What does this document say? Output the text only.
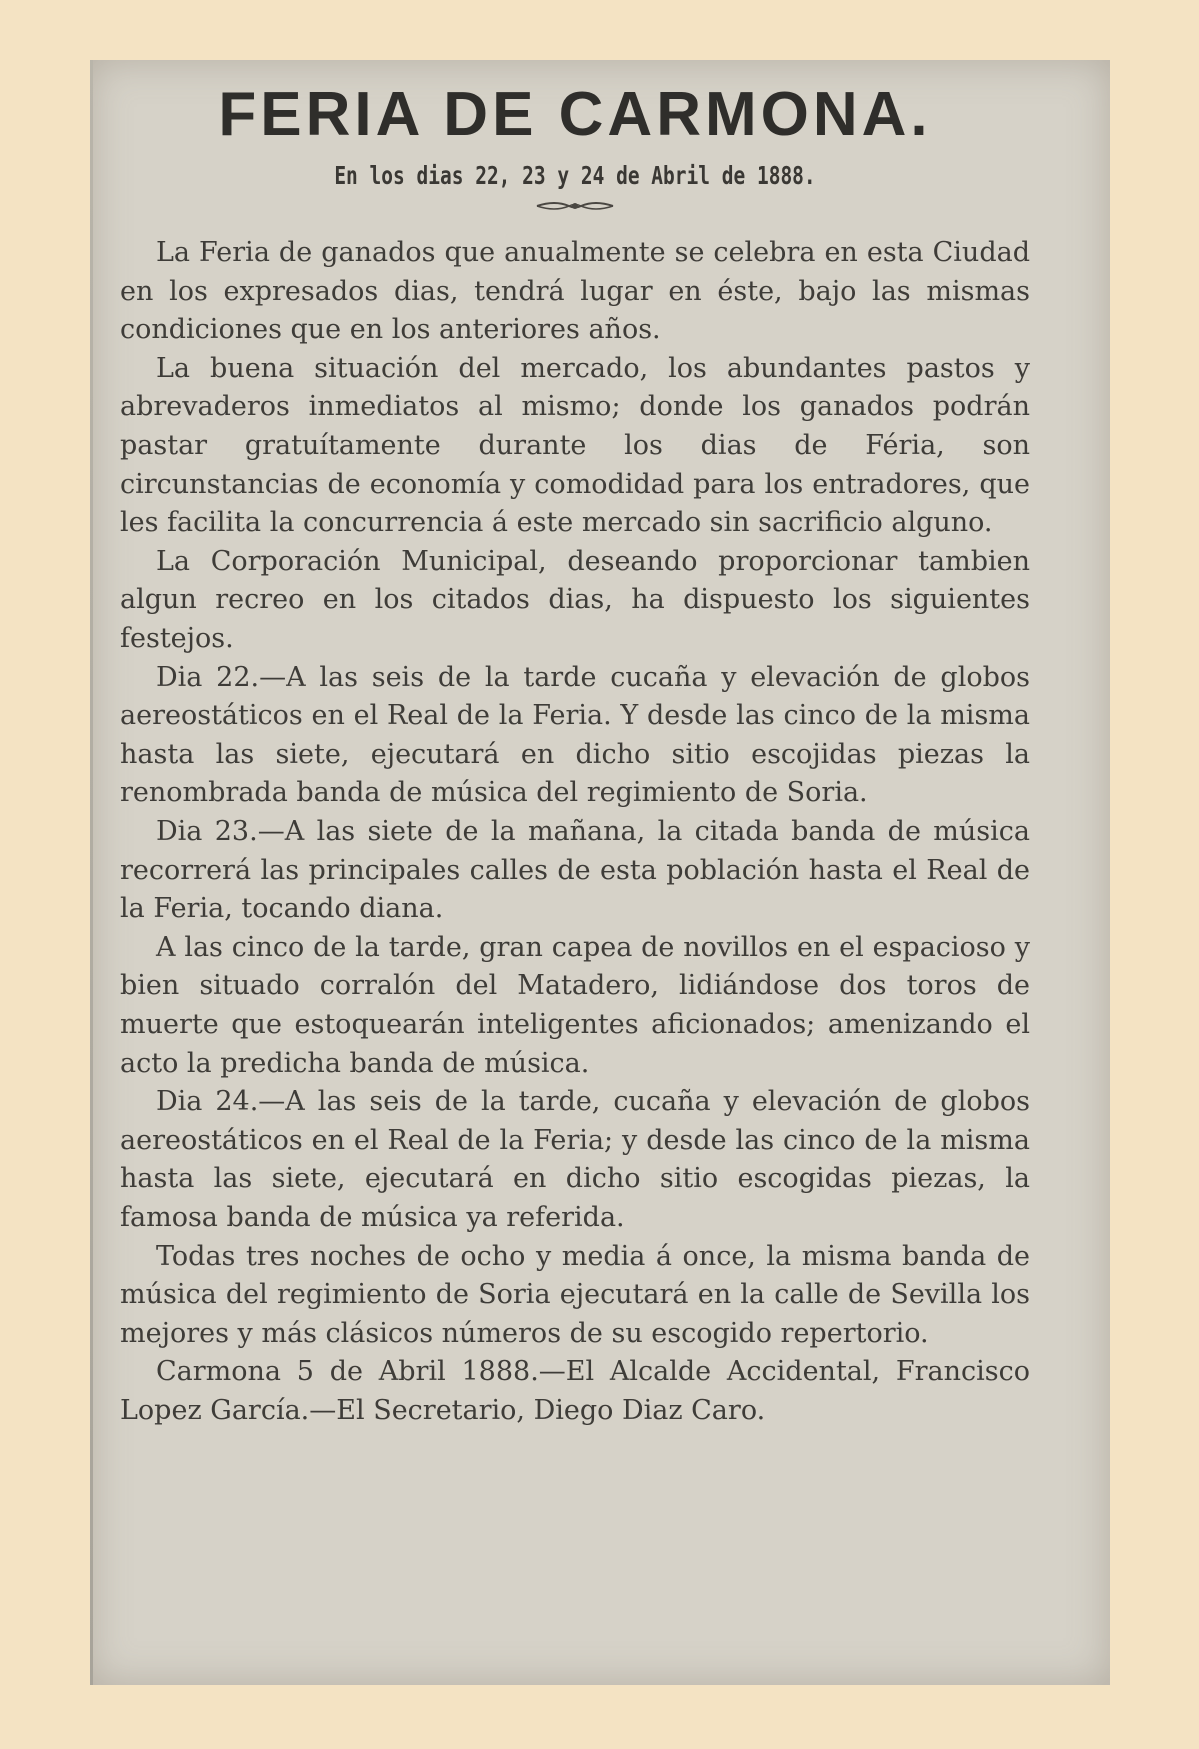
FERIA DE CARMONA.
En los dias 22, 23 y 24 de Abril de 1888.

La Feria de ganados que anualmente se celebra en esta Ciudad en los expresados dias, tendrá lugar en éste, bajo las mismas condiciones que en los anteriores años.

La buena situación del mercado, los abundantes pastos y abrevaderos inmediatos al mismo; donde los ganados podrán pastar gratuítamente durante los dias de Féria, son circunstancias de economía y comodidad para los entradores, que les facilita la concurrencia á este mercado sin sacrificio alguno.

La Corporación Municipal, deseando proporcionar tambien algun recreo en los citados dias, ha dispuesto los siguientes festejos.

Dia 22.—A las seis de la tarde cucaña y elevación de globos aereostáticos en el Real de la Feria. Y desde las cinco de la misma hasta las siete, ejecutará en dicho sitio escojidas piezas la renombrada banda de música del regimiento de Soria.

Dia 23.—A las siete de la mañana, la citada banda de música recorrerá las principales calles de esta población hasta el Real de la Feria, tocando diana.

A las cinco de la tarde, gran capea de novillos en el espacioso y bien situado corralón del Matadero, lidiándose dos toros de muerte que estoquearán inteligentes aficionados; amenizando el acto la predicha banda de música.

Dia 24.—A las seis de la tarde, cucaña y elevación de globos aereostáticos en el Real de la Feria; y desde las cinco de la misma hasta las siete, ejecutará en dicho sitio escogidas piezas, la famosa banda de música ya referida.

Todas tres noches de ocho y media á once, la misma banda de música del regimiento de Soria ejecutará en la calle de Sevilla los mejores y más clásicos números de su escogido repertorio.

Carmona 5 de Abril 1888.—El Alcalde Accidental, Francisco Lopez García.—El Secretario, Diego Diaz Caro.
